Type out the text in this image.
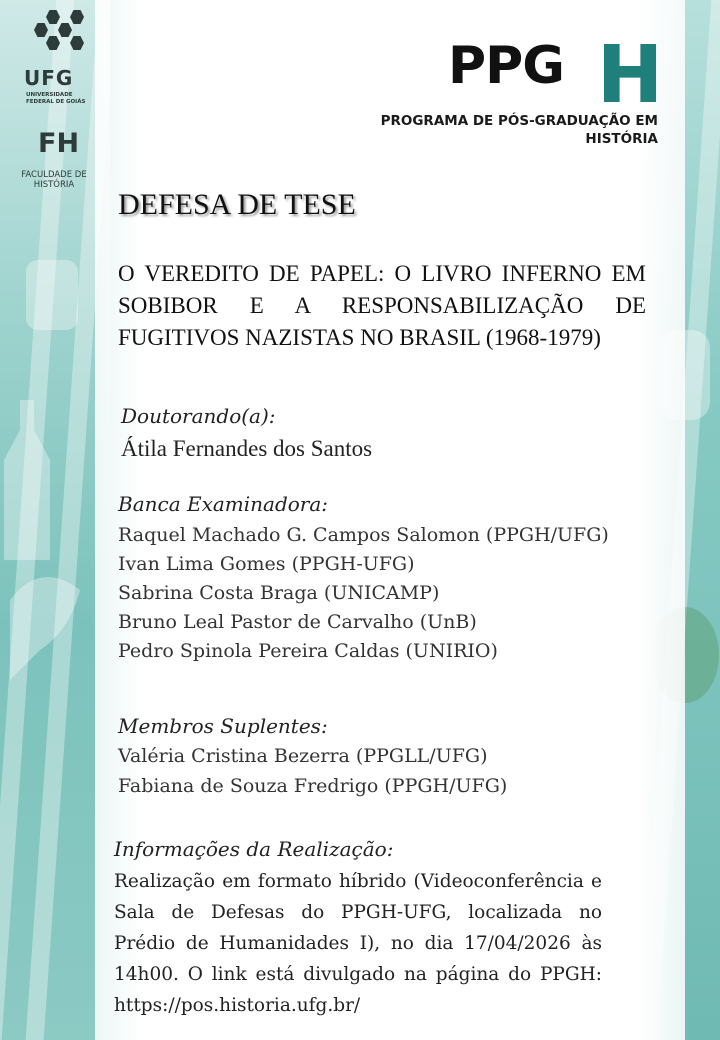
UFG
UNIVERSIDADE FEDERAL DE GOIÁS
FH
FACULDADE DE HISTÓRIA
PPG
PROGRAMA DE PÓS-GRADUAÇÃO EM HISTÓRIA
DEFESA DE TESE
O VEREDITO DE PAPEL: O LIVRO INFERNO EM SOBIBOR E A RESPONSABILIZAÇÃO DE FUGITIVOS NAZISTAS NO BRASIL (1968-1979)
Doutorando(a):
Átila Fernandes dos Santos
Banca Examinadora:
Raquel Machado G. Campos Salomon (PPGH/UFG)
Ivan Lima Gomes (PPGH-UFG)
Sabrina Costa Braga (UNICAMP)
Bruno Leal Pastor de Carvalho (UnB)
Pedro Spinola Pereira Caldas (UNIRIO)
Membros Suplentes:
Valéria Cristina Bezerra (PPGLL/UFG)
Fabiana de Souza Fredrigo (PPGH/UFG)
Informações da Realização:
Realização em formato híbrido (Videoconferência e Sala de Defesas do PPGH-UFG, localizada no Prédio de Humanidades I), no dia 17/04/2026 às 14h00. O link está divulgado na página do PPGH: https://pos.historia.ufg.br/
